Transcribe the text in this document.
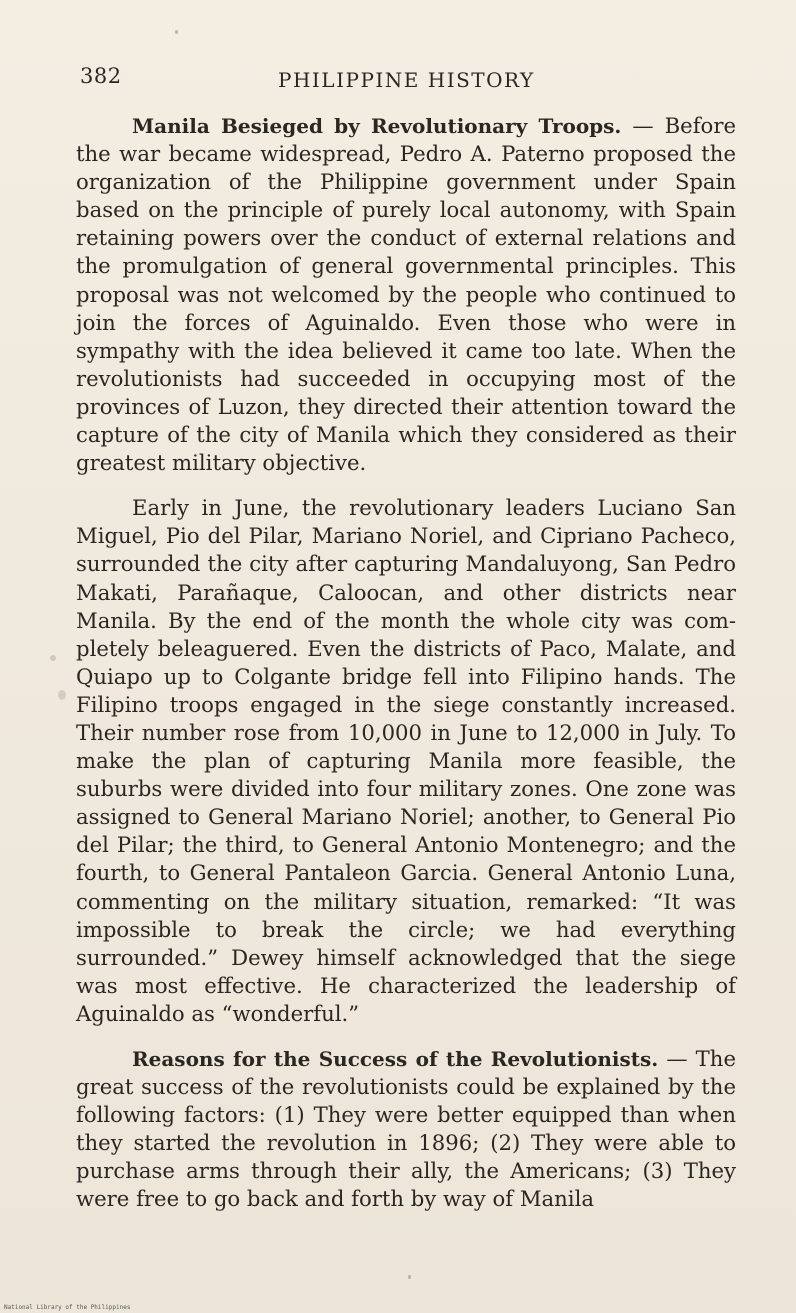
382	PHILIPPINE HISTORY

Manila Besieged by Revolutionary Troops. — Before the war became widespread, Pedro A. Paterno proposed the organization of the Philippine government under Spain based on the principle of purely local autonomy, with Spain retaining powers over the conduct of external relations and the promulgation of general governmental principles. This proposal was not welcomed by the people who continued to join the forces of Aguinaldo. Even those who were in sympathy with the idea believed it came too late. When the revolutionists had succeeded in occupying most of the provinces of Luzon, they directed their attention toward the capture of the city of Manila which they considered as their greatest military objective.

Early in June, the revolutionary leaders Luciano San Miguel, Pio del Pilar, Mariano Noriel, and Cipriano Pacheco, surrounded the city after capturing Mandaluyong, San Pedro Makati, Parañaque, Caloocan, and other districts near Manila. By the end of the month the whole city was completely beleaguered. Even the districts of Paco, Malate, and Quiapo up to Colgante bridge fell into Filipino hands. The Filipino troops engaged in the siege constantly increased. Their number rose from 10,000 in June to 12,000 in July. To make the plan of capturing Manila more feasible, the suburbs were divided into four military zones. One zone was assigned to General Mariano Noriel; another, to General Pio del Pilar; the third, to General Antonio Montenegro; and the fourth, to General Pantaleon Garcia. General Antonio Luna, commenting on the military situation, remarked: “It was impossible to break the circle; we had everything surrounded.” Dewey himself acknowledged that the siege was most effective. He characterized the leadership of Aguinaldo as “wonderful.”

Reasons for the Success of the Revolutionists. — The great success of the revolutionists could be explained by the following factors: (1) They were better equipped than when they started the revolution in 1896; (2) They were able to purchase arms through their ally, the Americans; (3) They were free to go back and forth by way of Manila

National Library of the Philippines
